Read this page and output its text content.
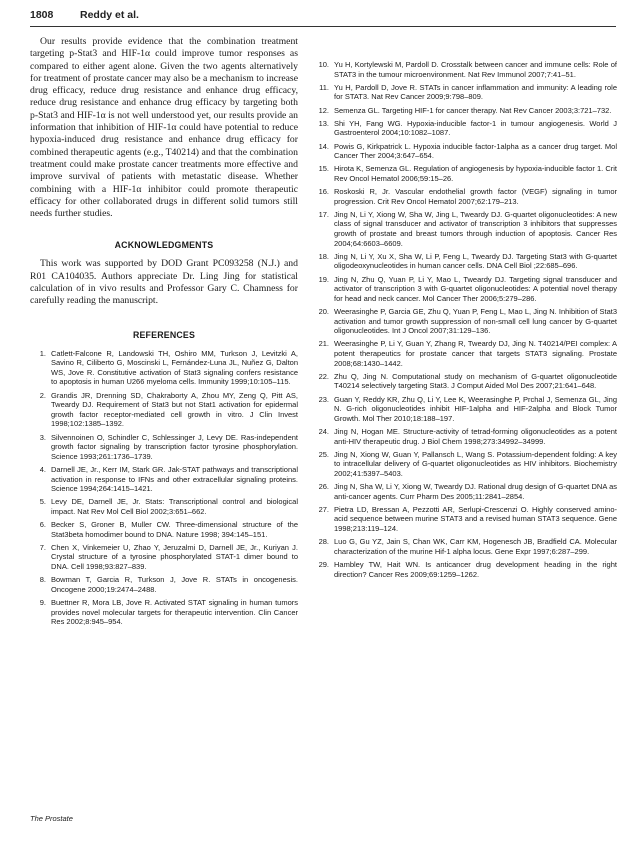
1808	Reddy et al.

Our results provide evidence that the combination treatment targeting p-Stat3 and HIF-1α could improve tumor responses as compared to either agent alone. Given the two agents alternatively for treatment of prostate cancer may also be a mechanism to increase drug efficacy, reduce drug resistance and enhance drug efficacy, reduce drug resistance and enhance drug efficacy by targeting both p-Stat3 and HIF-1α is not well understood yet, our results provide an information that inhibition of HIF-1α could have potential to reduce hypoxia-induced drug resistance and enhance drug efficacy for combined therapeutic agents (e.g., T40214) and that the combination treatment could make prostate cancer treatments more effective and improve survival of patients with metastatic disease. Whether combining with a HIF-1α inhibitor could promote therapeutic efficacy for other collaborated drugs in different solid tumors still needs further studies.

ACKNOWLEDGMENTS

This work was supported by DOD Grant PC093258 (N.J.) and R01 CA104035. Authors appreciate Dr. Ling Jing for statistical calculation of in vivo results and Professor Gary C. Chamness for carefully reading the manuscript.

REFERENCES
1. Catlett-Falcone R, Landowski TH, Oshiro MM, Turkson J, Levitzki A, Savino R, Ciliberto G, Moscinski L, Fernández-Luna JL, Nuñez G, Dalton WS, Jove R. Constitutive activation of Stat3 signaling confers resistance to apoptosis in human U266 myeloma cells. Immunity 1999;10:105–115.
2. Grandis JR, Drenning SD, Chakraborty A, Zhou MY, Zeng Q, Pitt AS, Tweardy DJ. Requirement of Stat3 but not Stat1 activation for epidermal growth factor receptor-mediated cell growth in vitro. J Clin Invest 1998;102:1385–1392.
3. Silvennoinen O, Schindler C, Schlessinger J, Levy DE. Ras-independent growth factor signaling by transcription factor tyrosine phosphorylation. Science 1993;261:1736–1739.
4. Darnell JE, Jr., Kerr IM, Stark GR. Jak-STAT pathways and transcriptional activation in response to IFNs and other extracellular signaling proteins. Science 1994;264:1415–1421.
5. Levy DE, Darnell JE, Jr. Stats: Transcriptional control and biological impact. Nat Rev Mol Cell Biol 2002;3:651–662.
6. Becker S, Groner B, Muller CW. Three-dimensional structure of the Stat3beta homodimer bound to DNA. Nature 1998; 394:145–151.
7. Chen X, Vinkemeier U, Zhao Y, Jeruzalmi D, Darnell JE, Jr., Kuriyan J. Crystal structure of a tyrosine phosphorylated STAT-1 dimer bound to DNA. Cell 1998;93:827–839.
8. Bowman T, Garcia R, Turkson J, Jove R. STATs in oncogenesis. Oncogene 2000;19:2474–2488.
9. Buettner R, Mora LB, Jove R. Activated STAT signaling in human tumors provides novel molecular targets for therapeutic intervention. Clin Cancer Res 2002;8:945–954.
10. Yu H, Kortylewski M, Pardoll D. Crosstalk between cancer and immune cells: Role of STAT3 in the tumour microenvironment. Nat Rev Immunol 2007;7:41–51.
11. Yu H, Pardoll D, Jove R. STATs in cancer inflammation and immunity: A leading role for STAT3. Nat Rev Cancer 2009;9:798–809.
12. Semenza GL. Targeting HIF-1 for cancer therapy. Nat Rev Cancer 2003;3:721–732.
13. Shi YH, Fang WG. Hypoxia-inducible factor-1 in tumour angiogenesis. World J Gastroenterol 2004;10:1082–1087.
14. Powis G, Kirkpatrick L. Hypoxia inducible factor-1alpha as a cancer drug target. Mol Cancer Ther 2004;3:647–654.
15. Hirota K, Semenza GL. Regulation of angiogenesis by hypoxia-inducible factor 1. Crit Rev Oncol Hematol 2006;59:15–26.
16. Roskoski R, Jr. Vascular endothelial growth factor (VEGF) signaling in tumor progression. Crit Rev Oncol Hematol 2007;62:179–213.
17. Jing N, Li Y, Xiong W, Sha W, Jing L, Tweardy DJ. G-quartet oligonucleotides: A new class of signal transducer and activator of transcription 3 inhibitors that suppresses growth of prostate and breast tumors through induction of apoptosis. Cancer Res 2004;64:6603–6609.
18. Jing N, Li Y, Xu X, Sha W, Li P, Feng L, Tweardy DJ. Targeting Stat3 with G-quartet oligodeoxynucleotides in human cancer cells. DNA Cell Biol ;22:685–696.
19. Jing N, Zhu Q, Yuan P, Li Y, Mao L, Tweardy DJ. Targeting signal transducer and activator of transcription 3 with G-quartet oligonucleotides: A potential novel therapy for head and neck cancer. Mol Cancer Ther 2006;5:279–286.
20. Weerasinghe P, Garcia GE, Zhu Q, Yuan P, Feng L, Mao L, Jing N. Inhibition of Stat3 activation and tumor growth suppression of non-small cell lung cancer by G-quartet oligonucleotides. Int J Oncol 2007;31:129–136.
21. Weerasinghe P, Li Y, Guan Y, Zhang R, Tweardy DJ, Jing N. T40214/PEI complex: A potent therapeutics for prostate cancer that targets STAT3 signaling. Prostate 2008;68:1430–1442.
22. Zhu Q, Jing N. Computational study on mechanism of G-quartet oligonucleotide T40214 selectively targeting Stat3. J Comput Aided Mol Des 2007;21:641–648.
23. Guan Y, Reddy KR, Zhu Q, Li Y, Lee K, Weerasinghe P, Prchal J, Semenza GL, Jing N. G-rich oligonucleotides inhibit HIF-1alpha and HIF-2alpha and Block Tumor Growth. Mol Ther 2010;18:188–197.
24. Jing N, Hogan ME. Structure-activity of tetrad-forming oligonucleotides as a potent anti-HIV therapeutic drug. J Biol Chem 1998;273:34992–34999.
25. Jing N, Xiong W, Guan Y, Pallansch L, Wang S. Potassium-dependent folding: A key to intracellular delivery of G-quartet oligonucleotides as HIV inhibitors. Biochemistry 2002;41:5397–5403.
26. Jing N, Sha W, Li Y, Xiong W, Tweardy DJ. Rational drug design of G-quartet DNA as anti-cancer agents. Curr Pharm Des 2005;11:2841–2854.
27. Pietra LD, Bressan A, Pezzotti AR, Serlupi-Crescenzi O. Highly conserved amino-acid sequence between murine STAT3 and a revised human STAT3 sequence. Gene 1998;213:119–124.
28. Luo G, Gu YZ, Jain S, Chan WK, Carr KM, Hogenesch JB, Bradfield CA. Molecular characterization of the murine Hif-1 alpha locus. Gene Expr 1997;6:287–299.
29. Hambley TW, Hait WN. Is anticancer drug development heading in the right direction? Cancer Res 2009;69:1259–1262.
The Prostate
